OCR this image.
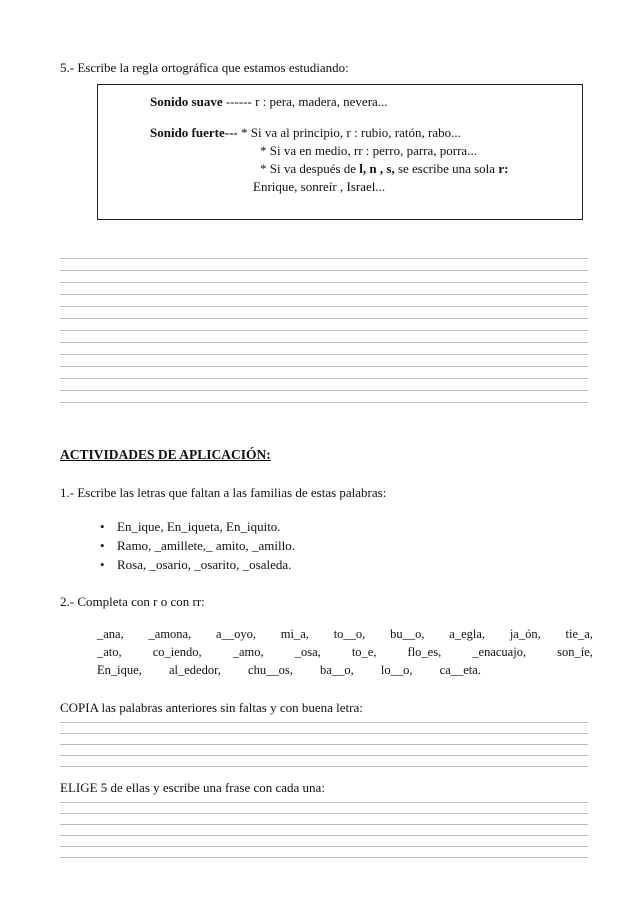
5.- Escribe la regla ortográfica que estamos estudiando:
Sonido suave ------ r : pera, madera, nevera...
Sonido fuerte--- * Si va al principio, r : rubio, ratón, rabo...
* Si va en medio, rr : perro, parra, porra...
* Si va después de l, n , s, se escribe una sola r:
Enrique, sonreír , Israel...
ACTIVIDADES DE APLICACIÓN:
1.- Escribe las letras que faltan a las familias de estas palabras:
• En_ique, En_iqueta, En_iquito.
• Ramo, _amillete,_ amito, _amillo.
• Rosa, _osario, _osarito, _osaleda.
2.- Completa con r o con rr:
_ana, _amona, a__oyo, mi_a, to__o, bu__o, a_egla, ja_ón, tie_a,
_ato, co_iendo, _amo, _osa, to_e, flo_es, _enacuajo, son_íe,
En_ique, al_ededor, chu__os, ba__o, lo__o, ca__eta.
COPIA las palabras anteriores sin faltas y con buena letra:
ELIGE 5 de ellas y escribe una frase con cada una:
